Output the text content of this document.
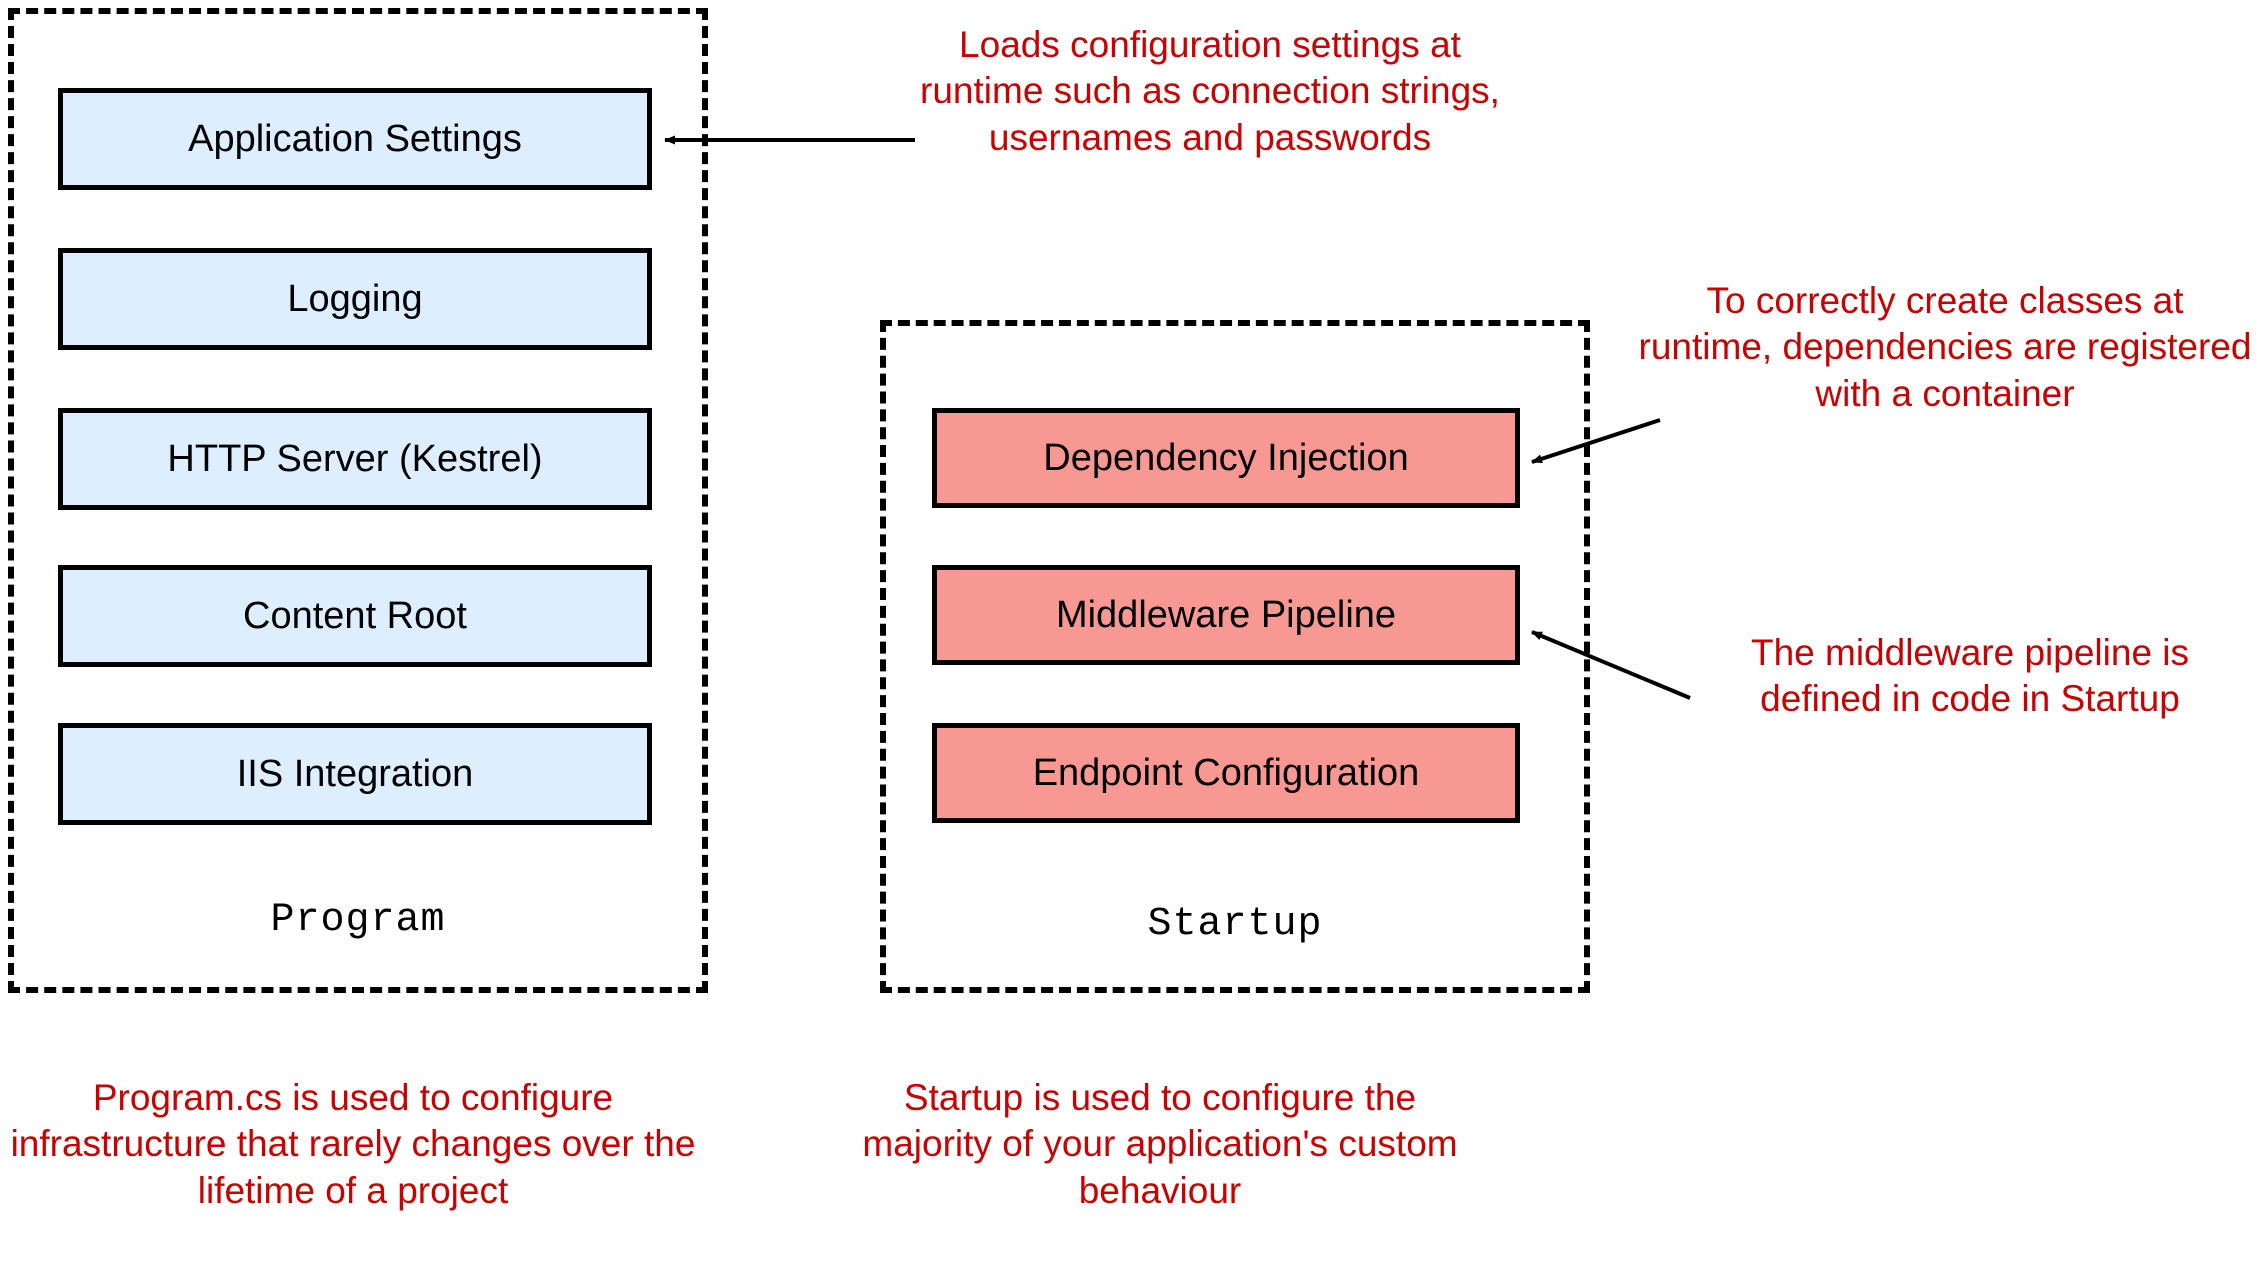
Program
Application Settings
Logging
HTTP Server (Kestrel)
Content Root
IIS Integration
Startup
Dependency Injection
Middleware Pipeline
Endpoint Configuration
Loads configuration settings at runtime such as connection strings, usernames and passwords
To correctly create classes at runtime, dependencies are registered with a container
The middleware pipeline is defined in code in Startup
Program.cs is used to configure infrastructure that rarely changes over the lifetime of a project
Startup is used to configure the majority of your application's custom behaviour
